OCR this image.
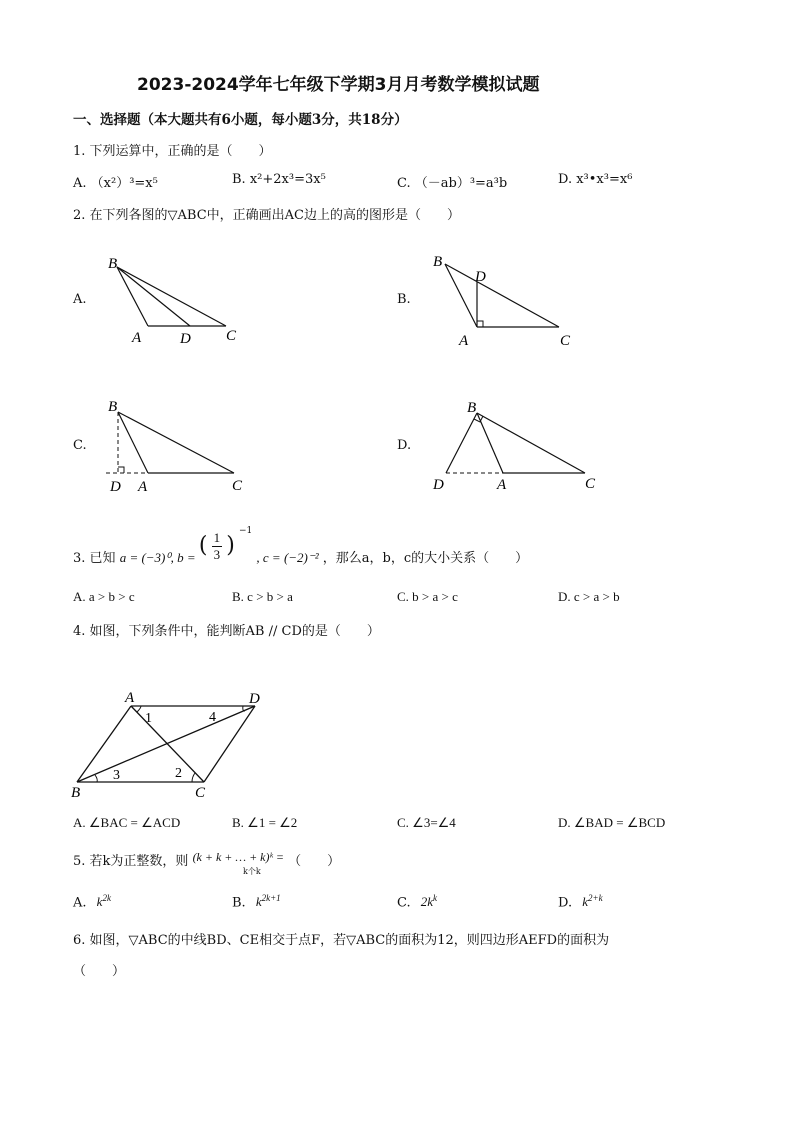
2023-2024学年七年级下学期3月月考数学模拟试题
一、选择题（本大题共有6小题，每小题3分，共18分）
1. 下列运算中，正确的是（　　）
A. （x²）³=x⁵	B. x²+2x³=3x⁵	C. （－ab）³=a³b	D. x³•x³=x⁶
2. 在下列各图的▽ABC中，正确画出AC边上的高的图形是（　　）
A.
B
A	D C
B.
B
D
A	C
C.
B
D A	C
D.
B
D	A	C
3. 已知 a = (−3)⁰, b = ( $\frac{1}{3}$ ) $^{-1}$ , c = (−2)⁻² ，那么a，b，c的大小关系（　　）
A. a > b > c	B. c > b > a	C. b > a > c	D. c > a > b
4. 如图，下列条件中，能判断AB // CD的是（　　）
A	D
B	C
1	4
3	2
A. ∠BAC = ∠ACD	B. ∠1 = ∠2	C. ∠3=∠4	D. ∠BAD = ∠BCD
5. 若k为正整数，则 (k + k + … + k)ᵏ = （　　）
k个k
A. $k^{2k}$	B. $k^{2k+1}$	C. $2k^k$	D. $k^{2+k}$
6. 如图，▽ABC的中线BD、CE相交于点F，若▽ABC的面积为12，则四边形AEFD的面积为
（　　）
